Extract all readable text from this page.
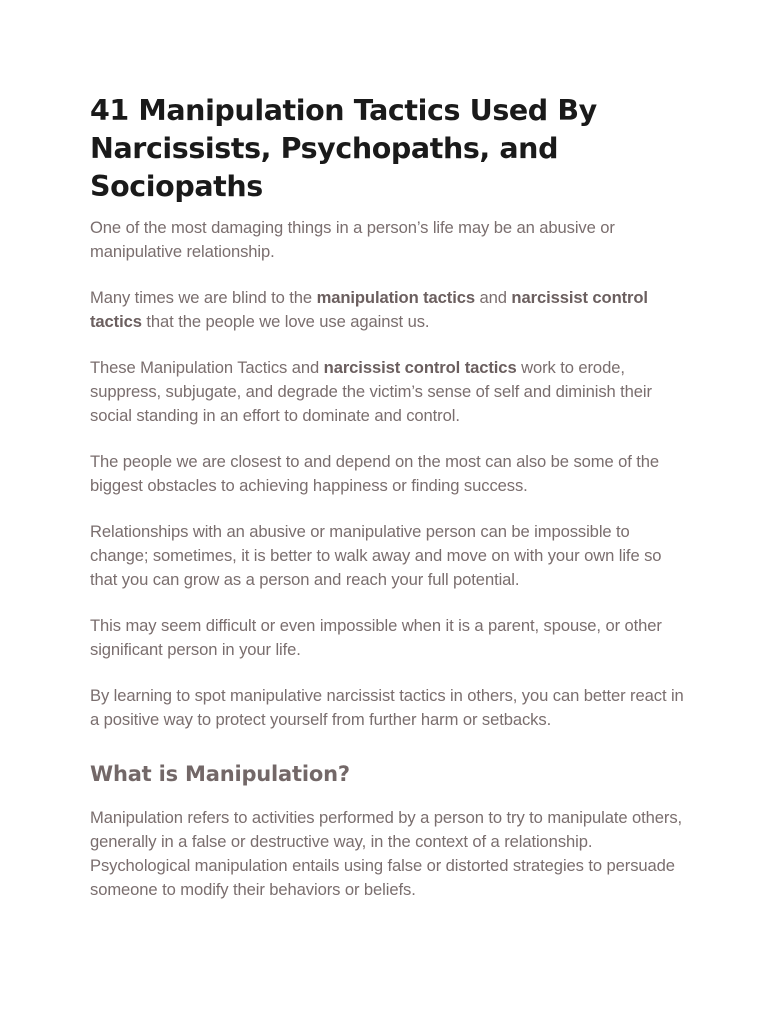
41 Manipulation Tactics Used By Narcissists, Psychopaths, and Sociopaths

One of the most damaging things in a person’s life may be an abusive or manipulative relationship.

Many times we are blind to the manipulation tactics and narcissist control tactics that the people we love use against us.

These Manipulation Tactics and narcissist control tactics work to erode, suppress, subjugate, and degrade the victim’s sense of self and diminish their social standing in an effort to dominate and control.

The people we are closest to and depend on the most can also be some of the biggest obstacles to achieving happiness or finding success.

Relationships with an abusive or manipulative person can be impossible to change; sometimes, it is better to walk away and move on with your own life so that you can grow as a person and reach your full potential.

This may seem difficult or even impossible when it is a parent, spouse, or other significant person in your life.

By learning to spot manipulative narcissist tactics in others, you can better react in a positive way to protect yourself from further harm or setbacks.

What is Manipulation?

Manipulation refers to activities performed by a person to try to manipulate others, generally in a false or destructive way, in the context of a relationship. Psychological manipulation entails using false or distorted strategies to persuade someone to modify their behaviors or beliefs.
